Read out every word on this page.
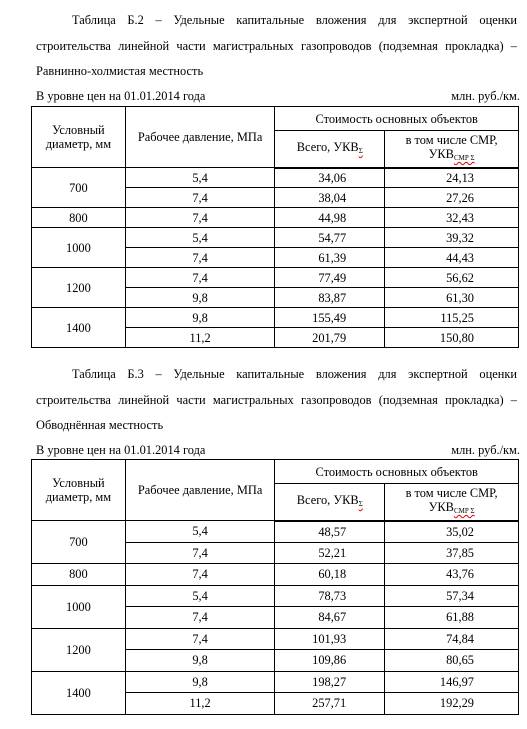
Таблица Б.2 – Удельные капитальные вложения для экспертной оценки строительства линейной части магистральных газопроводов (подземная прокладка) – Равнинно-холмистая местность
В уровне цен на 01.01.2014 года	млн. руб./км.
Условный диаметр, мм	Рабочее давление, МПа	Стоимость основных объектов	
		Всего, $УКВ_\Sigma$	в том числе СМР, $УКВ_{СМР \Sigma}$
700	5,4	34,06	24,13
	7,4	38,04	27,26
800	7,4	44,98	32,43
1000	5,4	54,77	39,32
	7,4	61,39	44,43
1200	7,4	77,49	56,62
	9,8	83,87	61,30
1400	9,8	155,49	115,25
	11,2	201,79	150,80
Таблица Б.3 – Удельные капитальные вложения для экспертной оценки строительства линейной части магистральных газопроводов (подземная прокладка) – Обводнённая местность
В уровне цен на 01.01.2014 года	млн. руб./км.
Условный диаметр, мм	Рабочее давление, МПа	Стоимость основных объектов	
		Всего, $УКВ_\Sigma$	в том числе СМР, $УКВ_{СМР \Sigma}$
700	5,4	48,57	35,02
	7,4	52,21	37,85
800	7,4	60,18	43,76
1000	5,4	78,73	57,34
	7,4	84,67	61,88
1200	7,4	101,93	74,84
	9,8	109,86	80,65
1400	9,8	198,27	146,97
	11,2	257,71	192,29
